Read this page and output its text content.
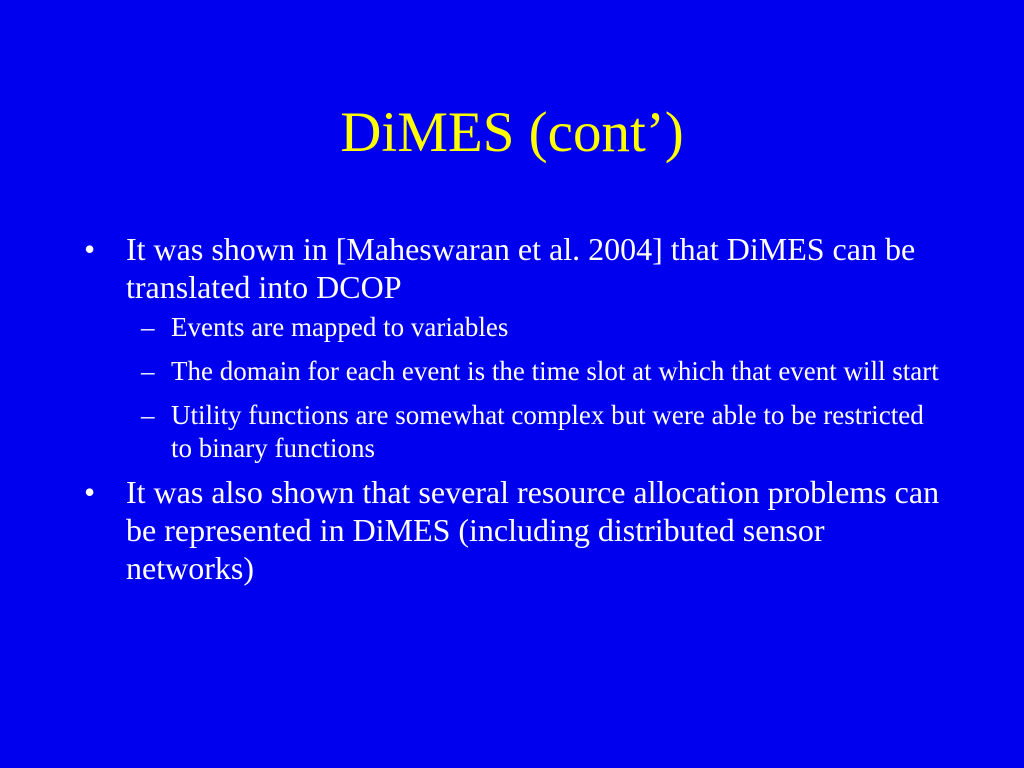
DiMES (cont’)
• It was shown in [Maheswaran et al. 2004] that DiMES can be translated into DCOP
– Events are mapped to variables
– The domain for each event is the time slot at which that event will start
– Utility functions are somewhat complex but were able to be restricted to binary functions
• It was also shown that several resource allocation problems can be represented in DiMES (including distributed sensor networks)
